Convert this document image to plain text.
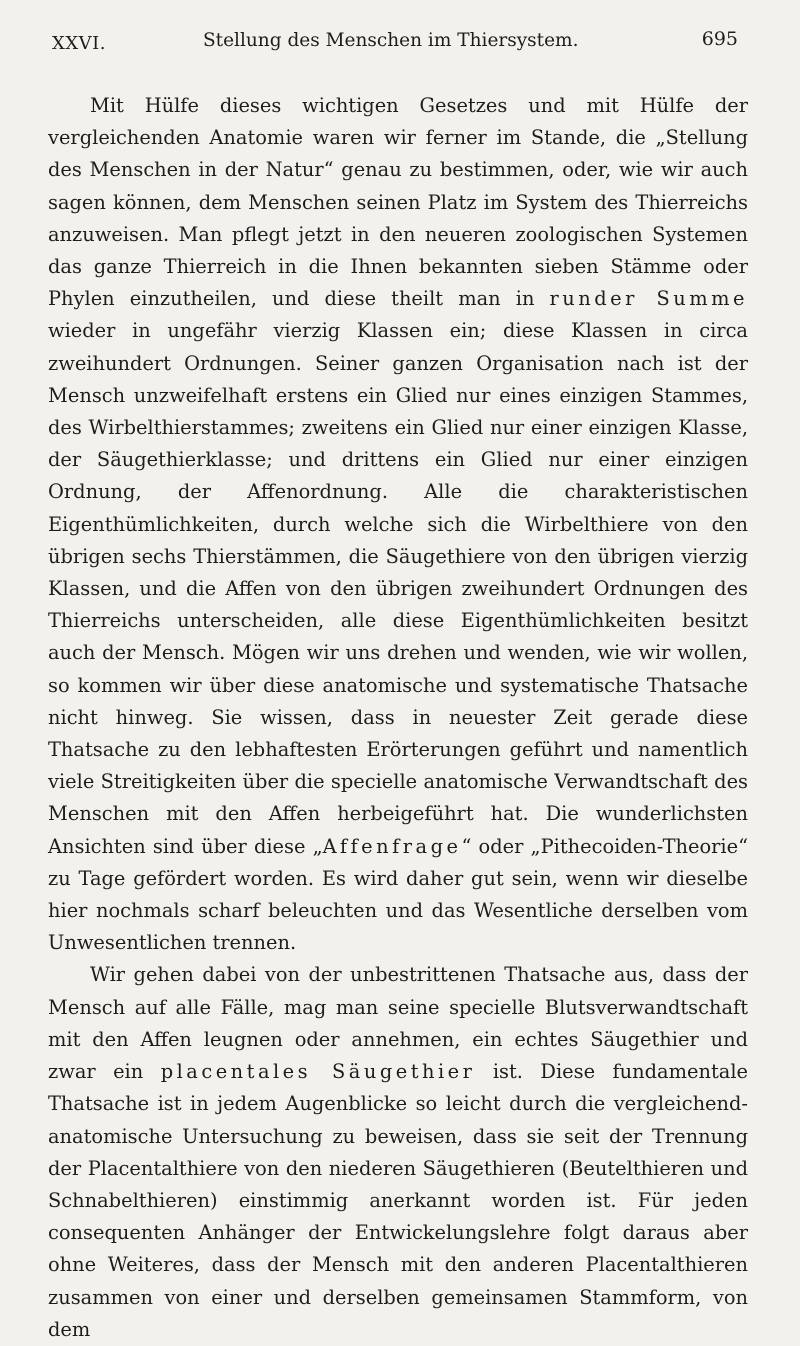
XXVI.	Stellung des Menschen im Thiersystem.	695

Mit Hülfe dieses wichtigen Gesetzes und mit Hülfe der vergleichenden Anatomie waren wir ferner im Stande, die „Stellung des Menschen in der Natur“ genau zu bestimmen, oder, wie wir auch sagen können, dem Menschen seinen Platz im System des Thierreichs anzuweisen. Man pflegt jetzt in den neueren zoologischen Systemen das ganze Thierreich in die Ihnen bekannten sieben Stämme oder Phylen einzutheilen, und diese theilt man in runder Summe wieder in ungefähr vierzig Klassen ein; diese Klassen in circa zweihundert Ordnungen. Seiner ganzen Organisation nach ist der Mensch unzweifelhaft erstens ein Glied nur eines einzigen Stammes, des Wirbelthierstammes; zweitens ein Glied nur einer einzigen Klasse, der Säugethierklasse; und drittens ein Glied nur einer einzigen Ordnung, der Affenordnung. Alle die charakteristischen Eigenthümlichkeiten, durch welche sich die Wirbelthiere von den übrigen sechs Thierstämmen, die Säugethiere von den übrigen vierzig Klassen, und die Affen von den übrigen zweihundert Ordnungen des Thierreichs unterscheiden, alle diese Eigenthümlichkeiten besitzt auch der Mensch. Mögen wir uns drehen und wenden, wie wir wollen, so kommen wir über diese anatomische und systematische Thatsache nicht hinweg. Sie wissen, dass in neuester Zeit gerade diese Thatsache zu den lebhaftesten Erörterungen geführt und namentlich viele Streitigkeiten über die specielle anatomische Verwandtschaft des Menschen mit den Affen herbeigeführt hat. Die wunderlichsten Ansichten sind über diese „Affenfrage“ oder „Pithecoiden-Theorie“ zu Tage gefördert worden. Es wird daher gut sein, wenn wir dieselbe hier nochmals scharf beleuchten und das Wesentliche derselben vom Unwesentlichen trennen.

Wir gehen dabei von der unbestrittenen Thatsache aus, dass der Mensch auf alle Fälle, mag man seine specielle Blutsverwandtschaft mit den Affen leugnen oder annehmen, ein echtes Säugethier und zwar ein placentales Säugethier ist. Diese fundamentale Thatsache ist in jedem Augenblicke so leicht durch die vergleichend-anatomische Untersuchung zu beweisen, dass sie seit der Trennung der Placentalthiere von den niederen Säugethieren (Beutelthieren und Schnabelthieren) einstimmig anerkannt worden ist. Für jeden consequenten Anhänger der Entwickelungslehre folgt daraus aber ohne Weiteres, dass der Mensch mit den anderen Placentalthieren zusammen von einer und derselben gemeinsamen Stammform, von dem
